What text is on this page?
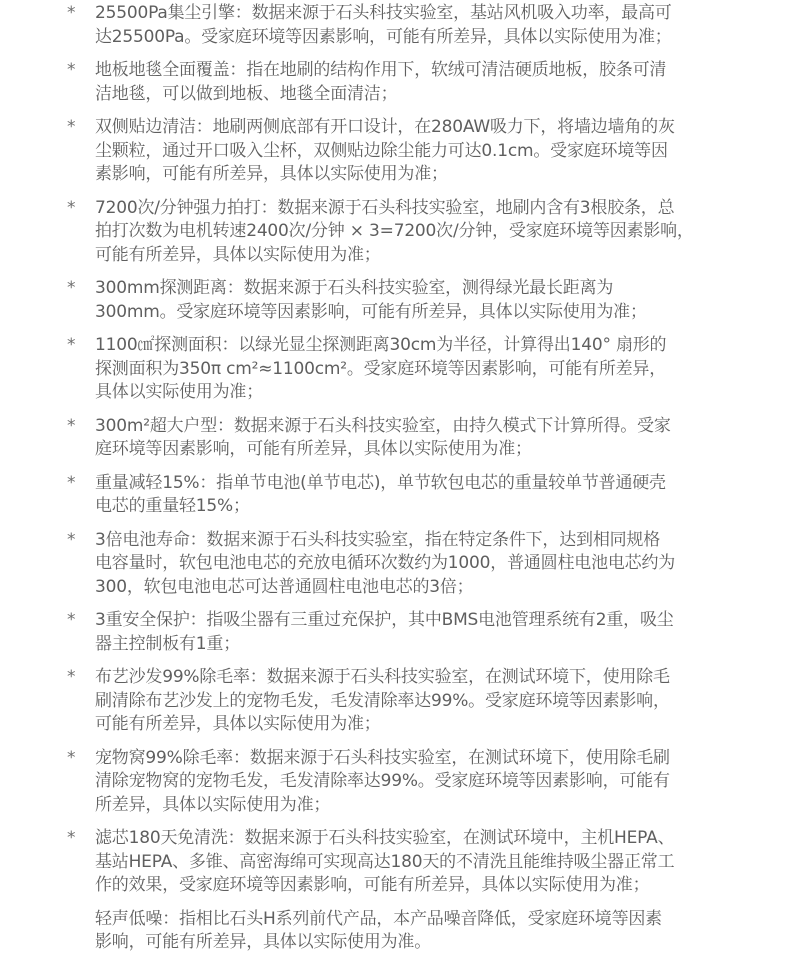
*	25500Pa集尘引擎：数据来源于石头科技实验室，基站风机吸入功率，最高可
达25500Pa。受家庭环境等因素影响，可能有所差异，具体以实际使用为准；
*	地板地毯全面覆盖：指在地刷的结构作用下，软绒可清洁硬质地板，胶条可清
洁地毯，可以做到地板、地毯全面清洁；
*	双侧贴边清洁：地刷两侧底部有开口设计，在280AW吸力下，将墙边墙角的灰
尘颗粒，通过开口吸入尘杯，双侧贴边除尘能力可达0.1cm。受家庭环境等因
素影响，可能有所差异，具体以实际使用为准；
*	7200次/分钟强力拍打：数据来源于石头科技实验室，地刷内含有3根胶条，总
拍打次数为电机转速2400次/分钟 × 3=7200次/分钟，受家庭环境等因素影响，
可能有所差异，具体以实际使用为准；
*	300mm探测距离：数据来源于石头科技实验室，测得绿光最长距离为
300mm。受家庭环境等因素影响，可能有所差异，具体以实际使用为准；
*	1100㎠探测面积：以绿光显尘探测距离30cm为半径，计算得出140° 扇形的
探测面积为350π cm²≈1100cm²。受家庭环境等因素影响，可能有所差异，
具体以实际使用为准；
*	300m²超大户型：数据来源于石头科技实验室，由持久模式下计算所得。受家
庭环境等因素影响，可能有所差异，具体以实际使用为准；
*	重量减轻15%：指单节电池(单节电芯)，单节软包电芯的重量较单节普通硬壳
电芯的重量轻15%；
*	3倍电池寿命：数据来源于石头科技实验室，指在特定条件下，达到相同规格
电容量时，软包电池电芯的充放电循环次数约为1000，普通圆柱电池电芯约为
300，软包电池电芯可达普通圆柱电池电芯的3倍；
*	3重安全保护：指吸尘器有三重过充保护，其中BMS电池管理系统有2重，吸尘
器主控制板有1重；
*	布艺沙发99%除毛率：数据来源于石头科技实验室，在测试环境下，使用除毛
刷清除布艺沙发上的宠物毛发，毛发清除率达99%。受家庭环境等因素影响，
可能有所差异，具体以实际使用为准；
*	宠物窝99%除毛率：数据来源于石头科技实验室，在测试环境下，使用除毛刷
清除宠物窝的宠物毛发，毛发清除率达99%。受家庭环境等因素影响，可能有
所差异，具体以实际使用为准；
*	滤芯180天免清洗：数据来源于石头科技实验室，在测试环境中，主机HEPA、
基站HEPA、多锥、高密海绵可实现高达180天的不清洗且能维持吸尘器正常工
作的效果，受家庭环境等因素影响，可能有所差异，具体以实际使用为准；
轻声低噪：指相比石头H系列前代产品，本产品噪音降低，受家庭环境等因素
影响，可能有所差异，具体以实际使用为准。
